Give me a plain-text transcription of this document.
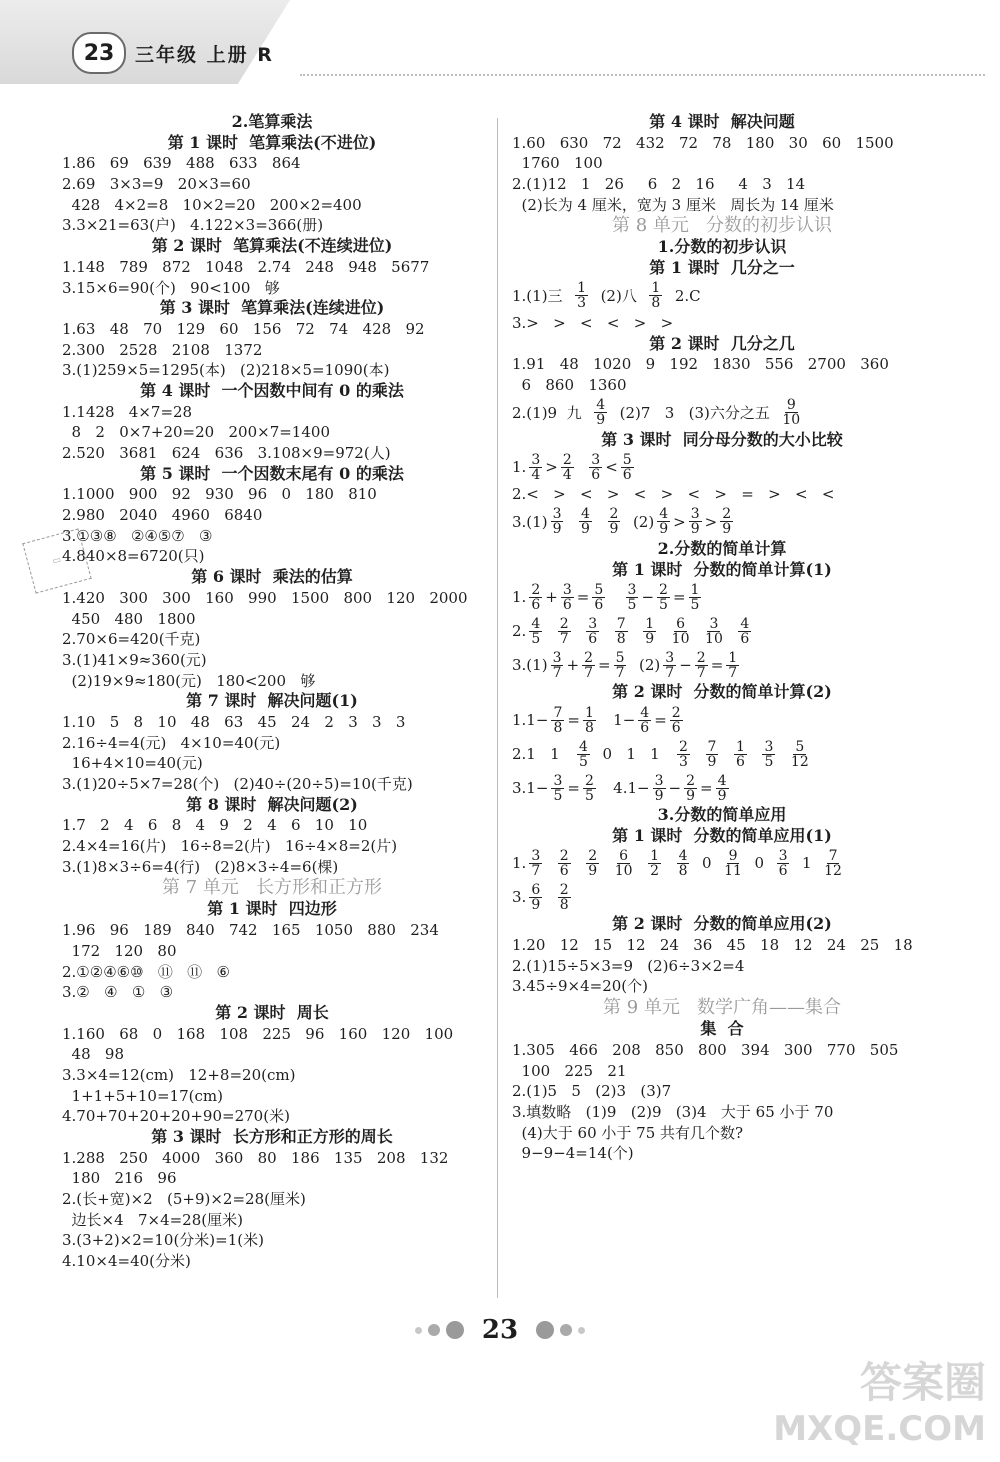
23	三年级 上册 R
2.笔算乘法
第 1 课时  笔算乘法(不进位)
1.86   69   639   488   633   864
2.69   3×3=9   20×3=60
428   4×2=8   10×2=20   200×2=400
3.3×21=63(户)   4.122×3=366(册)
第 2 课时  笔算乘法(不连续进位)
1.148   789   872   1048   2.74   248   948   5677
3.15×6=90(个)   90<100   够
第 3 课时  笔算乘法(连续进位)
1.63   48   70   129   60   156   72   74   428   92
2.300   2528   2108   1372
3.(1)259×5=1295(本)   (2)218×5=1090(本)
第 4 课时  一个因数中间有 0 的乘法
1.1428   4×7=28
8   2   0×7+20=20   200×7=1400
2.520   3681   624   636   3.108×9=972(人)
第 5 课时  一个因数末尾有 0 的乘法
1.1000   900   92   930   96   0   180   810
2.980   2040   4960   6840
3.①③⑧   ②④⑤⑦   ③
4.840×8=6720(只)
第 6 课时  乘法的估算
1.420   300   300   160   990   1500   800   120   2000
450   480   1800
2.70×6=420(千克)
3.(1)41×9≈360(元)
(2)19×9≈180(元)   180<200   够
第 7 课时  解决问题(1)
1.10   5   8   10   48   63   45   24   2   3   3   3
2.16÷4=4(元)   4×10=40(元)
16+4×10=40(元)
3.(1)20÷5×7=28(个)   (2)40÷(20÷5)=10(千克)
第 8 课时  解决问题(2)
1.7   2   4   6   8   4   9   2   4   6   10   10
2.4×4=16(片)   16÷8=2(片)   16÷4×8=2(片)
3.(1)8×3÷6=4(行)   (2)8×3÷4=6(棵)
第 7 单元   长方形和正方形
第 1 课时  四边形
1.96   96   189   840   742   165   1050   880   234
172   120   80
2.①②④⑥⑩   ⑪   ⑪   ⑥
3.②   ④   ①   ③
第 2 课时  周长
1.160   68   0   168   108   225   96   160   120   100
48   98
3.3×4=12(cm)   12+8=20(cm)
1+1+5+10=17(cm)
4.70+70+20+20+90=270(米)
第 3 课时  长方形和正方形的周长
1.288   250   4000   360   80   186   135   208   132
180   216   96
2.(长+宽)×2   (5+9)×2=28(厘米)
边长×4   7×4=28(厘米)
3.(3+2)×2=10(分米)=1(米)
4.10×4=40(分米)
第 4 课时  解决问题
1.60   630   72   432   72   78   180   30   60   1500
1760   100
2.(1)12   1   26     6   2   16     4   3   14
(2)长为 4 厘米，宽为 3 厘米   周长为 14 厘米
第 8 单元   分数的初步认识
1.分数的初步认识
第 1 课时  几分之一
1.(1)三 $\frac{1}{3} (2)$八 $\frac{1}{8} 2.C$
3.>   >   <   <   >   >
第 2 课时  几分之几
1.91   48   1020   9   192   1830   556   2700   360
6   860   1360
2.(1)9  九 $\frac{4}{9} (2)7$   3   (3)六分之五 $\frac{9}{10}$
第 3 课时  同分母分数的大小比较
1. $\frac{3}{4} > \frac{2}{4}$
$\frac{3}{6} < \frac{5}{6}$
2.<   >   <   >   <   >   <   >   =   >   <   <
$3.(1) \frac{3}{9}$
$\frac{4}{9}$
$\frac{2}{9} (2) \frac{4}{9} > \frac{3}{9} > \frac{2}{9}$
2.分数的简单计算
第 1 课时  分数的简单计算(1)
1. $\frac{2}{6} + \frac{3}{6} = \frac{5}{6}$
$\frac{3}{5} - \frac{2}{5} = \frac{1}{5}$
2. $\frac{4}{5}$
$\frac{2}{7}$
$\frac{3}{6}$
$\frac{7}{8}$
$\frac{1}{9}$
$\frac{6}{10}$
$\frac{3}{10}$
$\frac{4}{6}$
$3.(1) \frac{3}{7} + \frac{2}{7} = \frac{5}{7} (2) \frac{3}{7} - \frac{2}{7} = \frac{1}{7}$
第 2 课时  分数的简单计算(2)
$1.1- \frac{7}{8} = \frac{1}{8} 1- \frac{4}{6} = \frac{2}{6}$
2.1   $1 \frac{4}{5} 0$   1   $1 \frac{2}{3}$
$\frac{7}{9}$
$\frac{1}{6}$
$\frac{3}{5}$
$\frac{5}{12}$
$3.1- \frac{3}{5} = \frac{2}{5} 4.1- \frac{3}{9} - \frac{2}{9} = \frac{4}{9}$
3.分数的简单应用
第 1 课时  分数的简单应用(1)
1. $\frac{3}{7}$
$\frac{2}{6}$
$\frac{2}{9}$
$\frac{6}{10}$
$\frac{1}{2}$
$\frac{4}{8} 0 \frac{9}{11} 0 \frac{3}{6} 1 \frac{7}{12}$
3. $\frac{6}{9}$
$\frac{2}{8}$
第 2 课时  分数的简单应用(2)
1.20   12   15   12   24   36   45   18   12   24   25   18
2.(1)15÷5×3=9   (2)6÷3×2=4
3.45÷9×4=20(个)
第 9 单元   数学广角——集合
集  合
1.305   466   208   850   800   394   300   770   505
100   225   21
2.(1)5   5   (2)3   (3)7
3.填数略   (1)9   (2)9   (3)4   大于 65 小于 70
(4)大于 60 小于 75 共有几个数?
9−9−4=14(个)
▭
23
答案圈
MXQE.COM
